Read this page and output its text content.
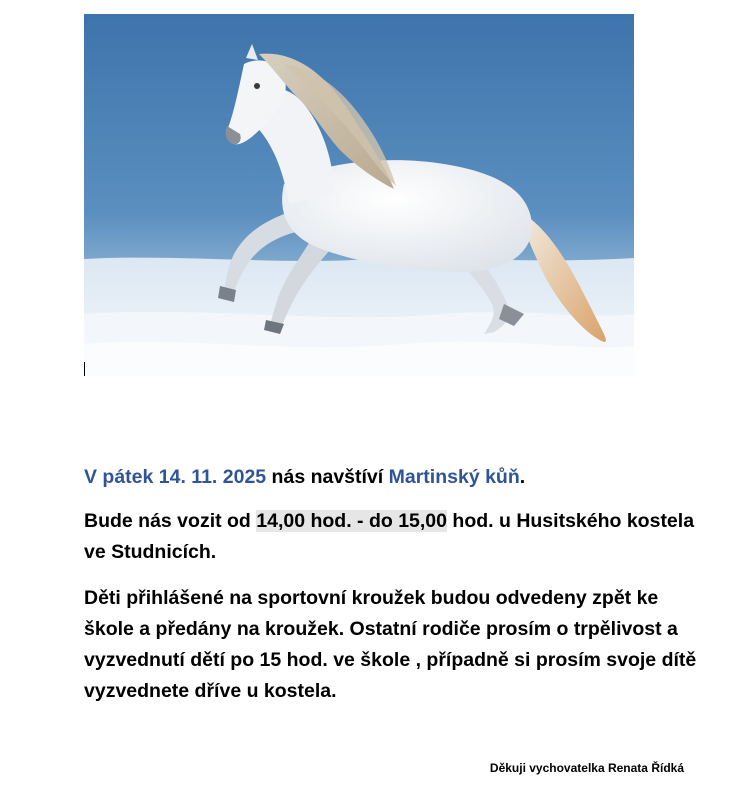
V pátek 14. 11. 2025 nás navštíví Martinský kůň.
Bude nás vozit od 14,00 hod. - do 15,00 hod. u Husitského kostela ve Studnicích.
Děti přihlášené na sportovní kroužek budou odvedeny zpět ke škole a předány na kroužek. Ostatní rodiče prosím o trpělivost a vyzvednutí dětí po 15 hod. ve škole , případně si prosím svoje dítě vyzvednete dříve u kostela.
Děkuji vychovatelka Renata Řídká
